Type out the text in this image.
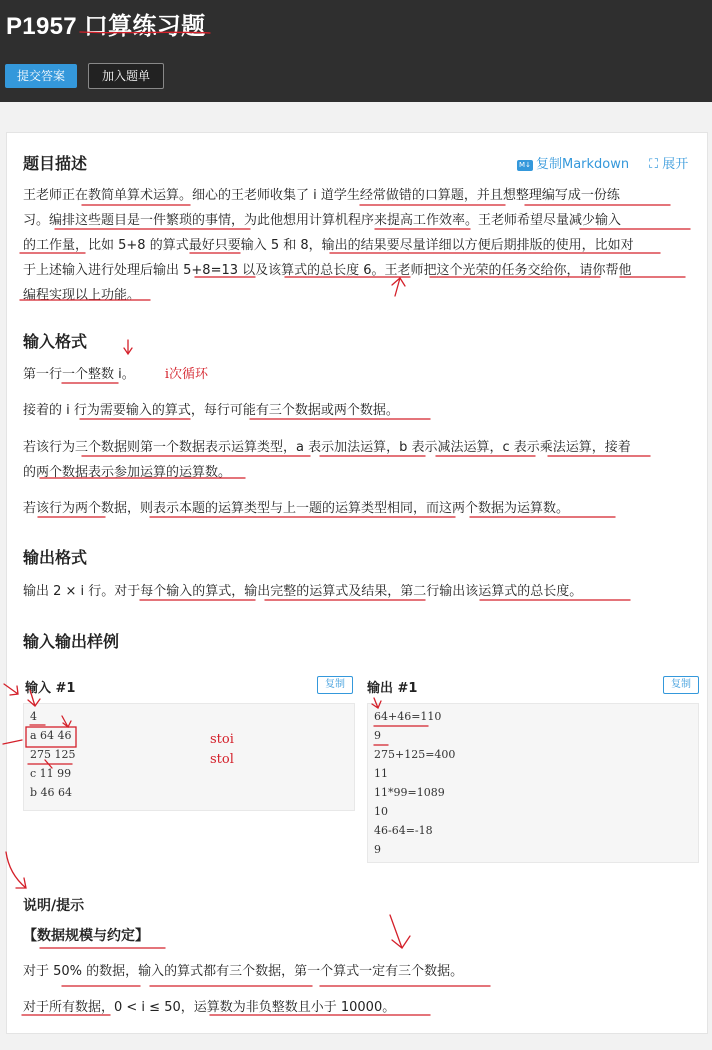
P1957 口算练习题
提交答案	加入题单
题目描述	M↓ 复制Markdown ⛶ 展开
王老师正在教简单算术运算。细心的王老师收集了 i 道学生经常做错的口算题，并且想整理编写成一份练
习。编排这些题目是一件繁琐的事情，为此他想用计算机程序来提高工作效率。王老师希望尽量减少输入
的工作量，比如 5+8 的算式最好只要输入 5 和 8，输出的结果要尽量详细以方便后期排版的使用，比如对
于上述输入进行处理后输出 5+8=13 以及该算式的总长度 6。王老师把这个光荣的任务交给你，请你帮他
编程实现以上功能。
输入格式
第一行一个整数 i。 i次循环
接着的 i 行为需要输入的算式，每行可能有三个数据或两个数据。
若该行为三个数据则第一个数据表示运算类型，a 表示加法运算，b 表示减法运算，c 表示乘法运算，接着
的两个数据表示参加运算的运算数。
若该行为两个数据，则表示本题的运算类型与上一题的运算类型相同，而这两个数据为运算数。
输出格式
输出 2 × i 行。对于每个输入的算式，输出完整的运算式及结果，第二行输出该运算式的总长度。
输入输出样例
输入 #1	复制
4
a 64 46
275 125
c 11 99
b 46 64
stoi
stol
输出 #1	复制
64+46=110
9
275+125=400
11
11*99=1089
10
46-64=-18
9
说明/提示
【数据规模与约定】
对于 50% 的数据，输入的算式都有三个数据，第一个算式一定有三个数据。
对于所有数据，0 < i ≤ 50，运算数为非负整数且小于 10000。
